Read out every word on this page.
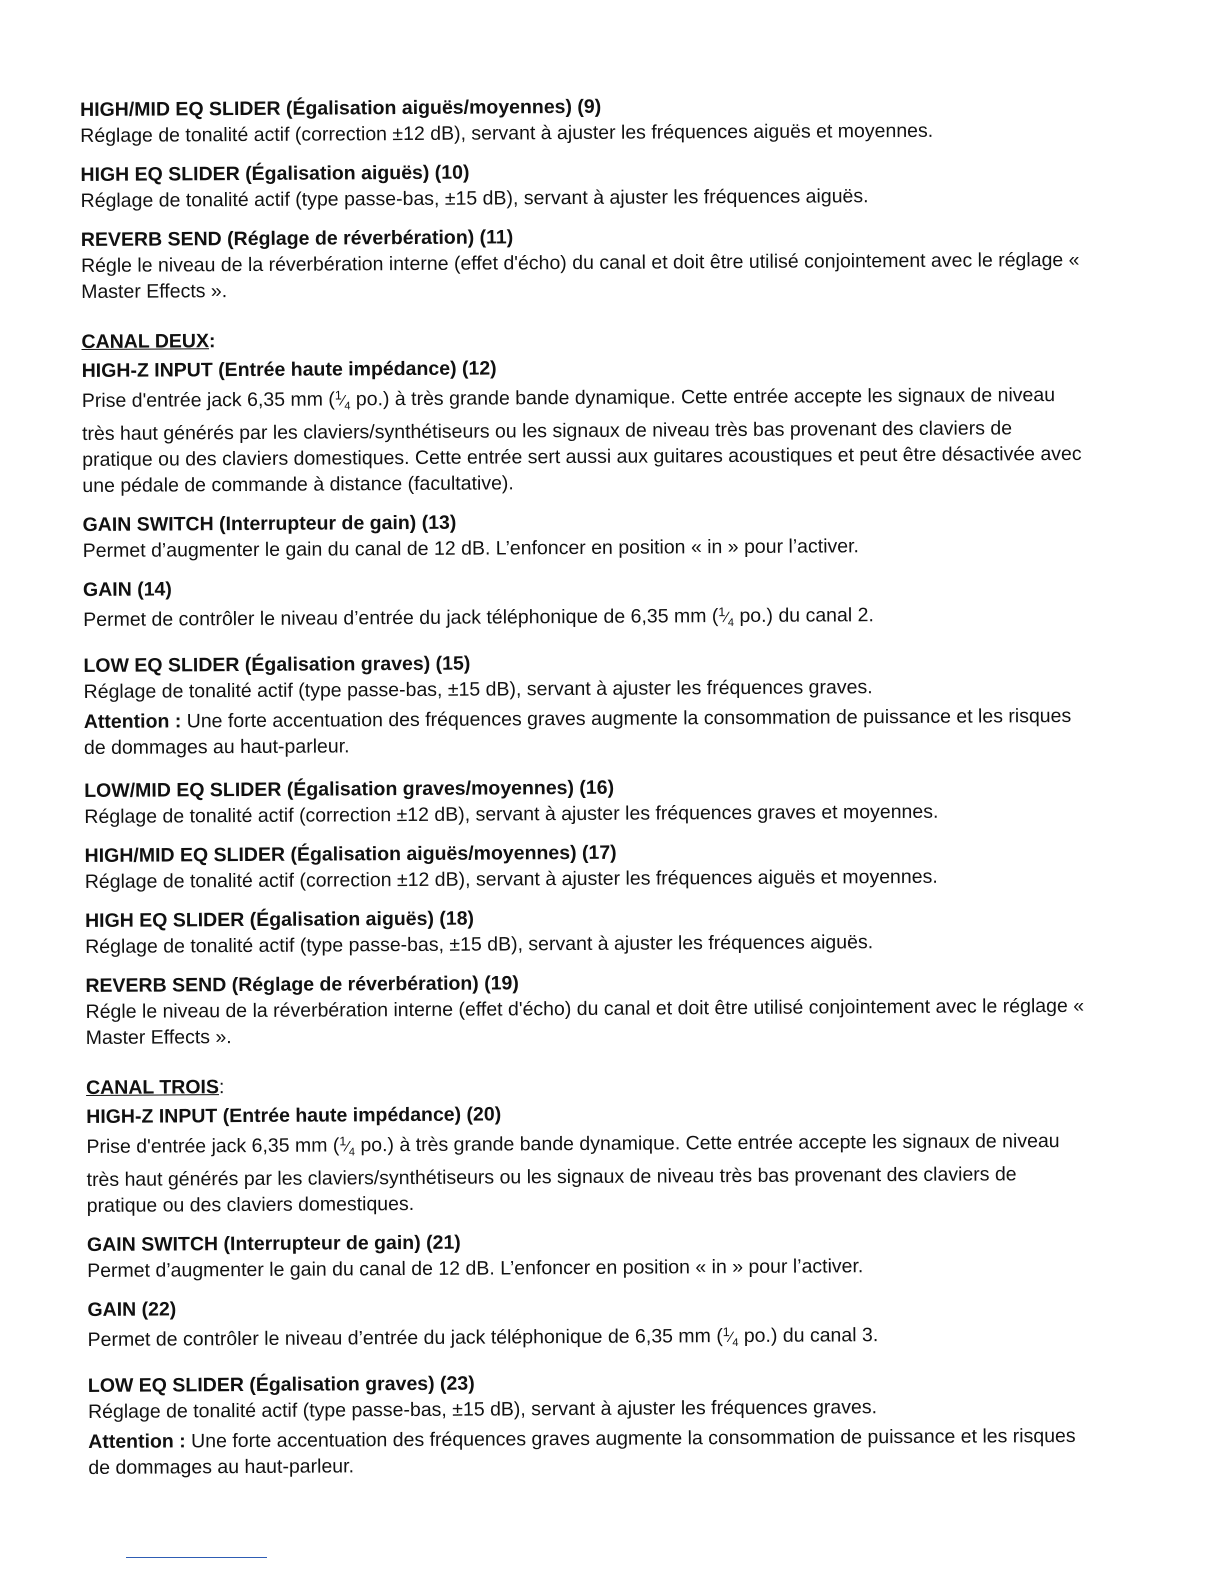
HIGH/MID EQ SLIDER (Égalisation aiguës/moyennes) (9)
Réglage de tonalité actif (correction ±12 dB), servant à ajuster les fréquences aiguës et moyennes.
HIGH EQ SLIDER (Égalisation aiguës) (10)
Réglage de tonalité actif (type passe-bas, ±15 dB), servant à ajuster les fréquences aiguës.
REVERB SEND (Réglage de réverbération) (11)
Régle le niveau de la réverbération interne (effet d'écho) du canal et doit être utilisé conjointement avec le réglage « Master Effects ».
CANAL DEUX:
HIGH-Z INPUT (Entrée haute impédance) (12)
Prise d'entrée jack 6,35 mm ($^1⁄_4$ po.) à très grande bande dynamique. Cette entrée accepte les signaux de niveau très haut générés par les claviers/synthétiseurs ou les signaux de niveau très bas provenant des claviers de pratique ou des claviers domestiques. Cette entrée sert aussi aux guitares acoustiques et peut être désactivée avec une pédale de commande à distance (facultative).
GAIN SWITCH (Interrupteur de gain) (13)
Permet d’augmenter le gain du canal de 12 dB. L’enfoncer en position « in » pour l’activer.
GAIN (14)
Permet de contrôler le niveau d’entrée du jack téléphonique de 6,35 mm ($^1⁄_4$ po.) du canal 2.
LOW EQ SLIDER (Égalisation graves) (15)
Réglage de tonalité actif (type passe-bas, ±15 dB), servant à ajuster les fréquences graves.
Attention : Une forte accentuation des fréquences graves augmente la consommation de puissance et les risques de dommages au haut-parleur.
LOW/MID EQ SLIDER (Égalisation graves/moyennes) (16)
Réglage de tonalité actif (correction ±12 dB), servant à ajuster les fréquences graves et moyennes.
HIGH/MID EQ SLIDER (Égalisation aiguës/moyennes) (17)
Réglage de tonalité actif (correction ±12 dB), servant à ajuster les fréquences aiguës et moyennes.
HIGH EQ SLIDER (Égalisation aiguës) (18)
Réglage de tonalité actif (type passe-bas, ±15 dB), servant à ajuster les fréquences aiguës.
REVERB SEND (Réglage de réverbération) (19)
Régle le niveau de la réverbération interne (effet d'écho) du canal et doit être utilisé conjointement avec le réglage « Master Effects ».
CANAL TROIS:
HIGH-Z INPUT (Entrée haute impédance) (20)
Prise d'entrée jack 6,35 mm ($^1⁄_4$ po.) à très grande bande dynamique. Cette entrée accepte les signaux de niveau très haut générés par les claviers/synthétiseurs ou les signaux de niveau très bas provenant des claviers de pratique ou des claviers domestiques.
GAIN SWITCH (Interrupteur de gain) (21)
Permet d’augmenter le gain du canal de 12 dB. L’enfoncer en position « in » pour l’activer.
GAIN (22)
Permet de contrôler le niveau d’entrée du jack téléphonique de 6,35 mm ($^1⁄_4$ po.) du canal 3.
LOW EQ SLIDER (Égalisation graves) (23)
Réglage de tonalité actif (type passe-bas, ±15 dB), servant à ajuster les fréquences graves.
Attention : Une forte accentuation des fréquences graves augmente la consommation de puissance et les risques de dommages au haut-parleur.
